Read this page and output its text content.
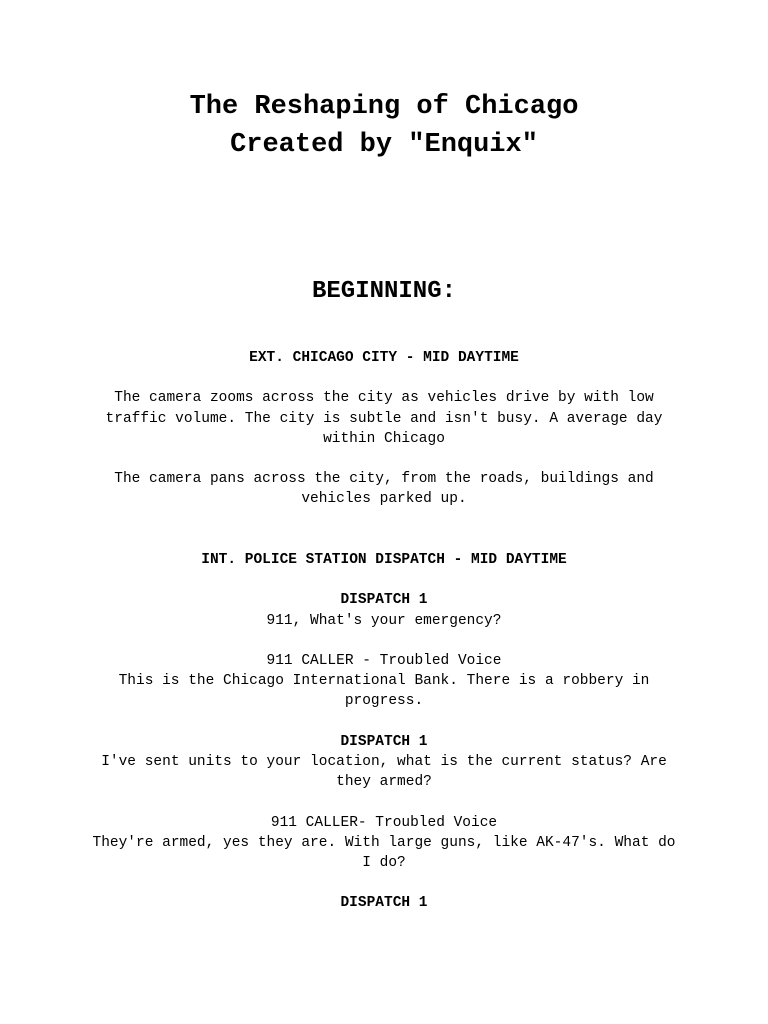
The Reshaping of Chicago
Created by "Enquix"
BEGINNING:

EXT. CHICAGO CITY - MID DAYTIME

The camera zooms across the city as vehicles drive by with low traffic volume. The city is subtle and isn't busy. A average day within Chicago

The camera pans across the city, from the roads, buildings and vehicles parked up.

INT. POLICE STATION DISPATCH - MID DAYTIME

DISPATCH 1

911, What's your emergency?

911 CALLER - Troubled Voice

This is the Chicago International Bank. There is a robbery in progress.

DISPATCH 1

I've sent units to your location, what is the current status? Are they armed?

911 CALLER- Troubled Voice

They're armed, yes they are. With large guns, like AK-47's. What do I do?

DISPATCH 1
